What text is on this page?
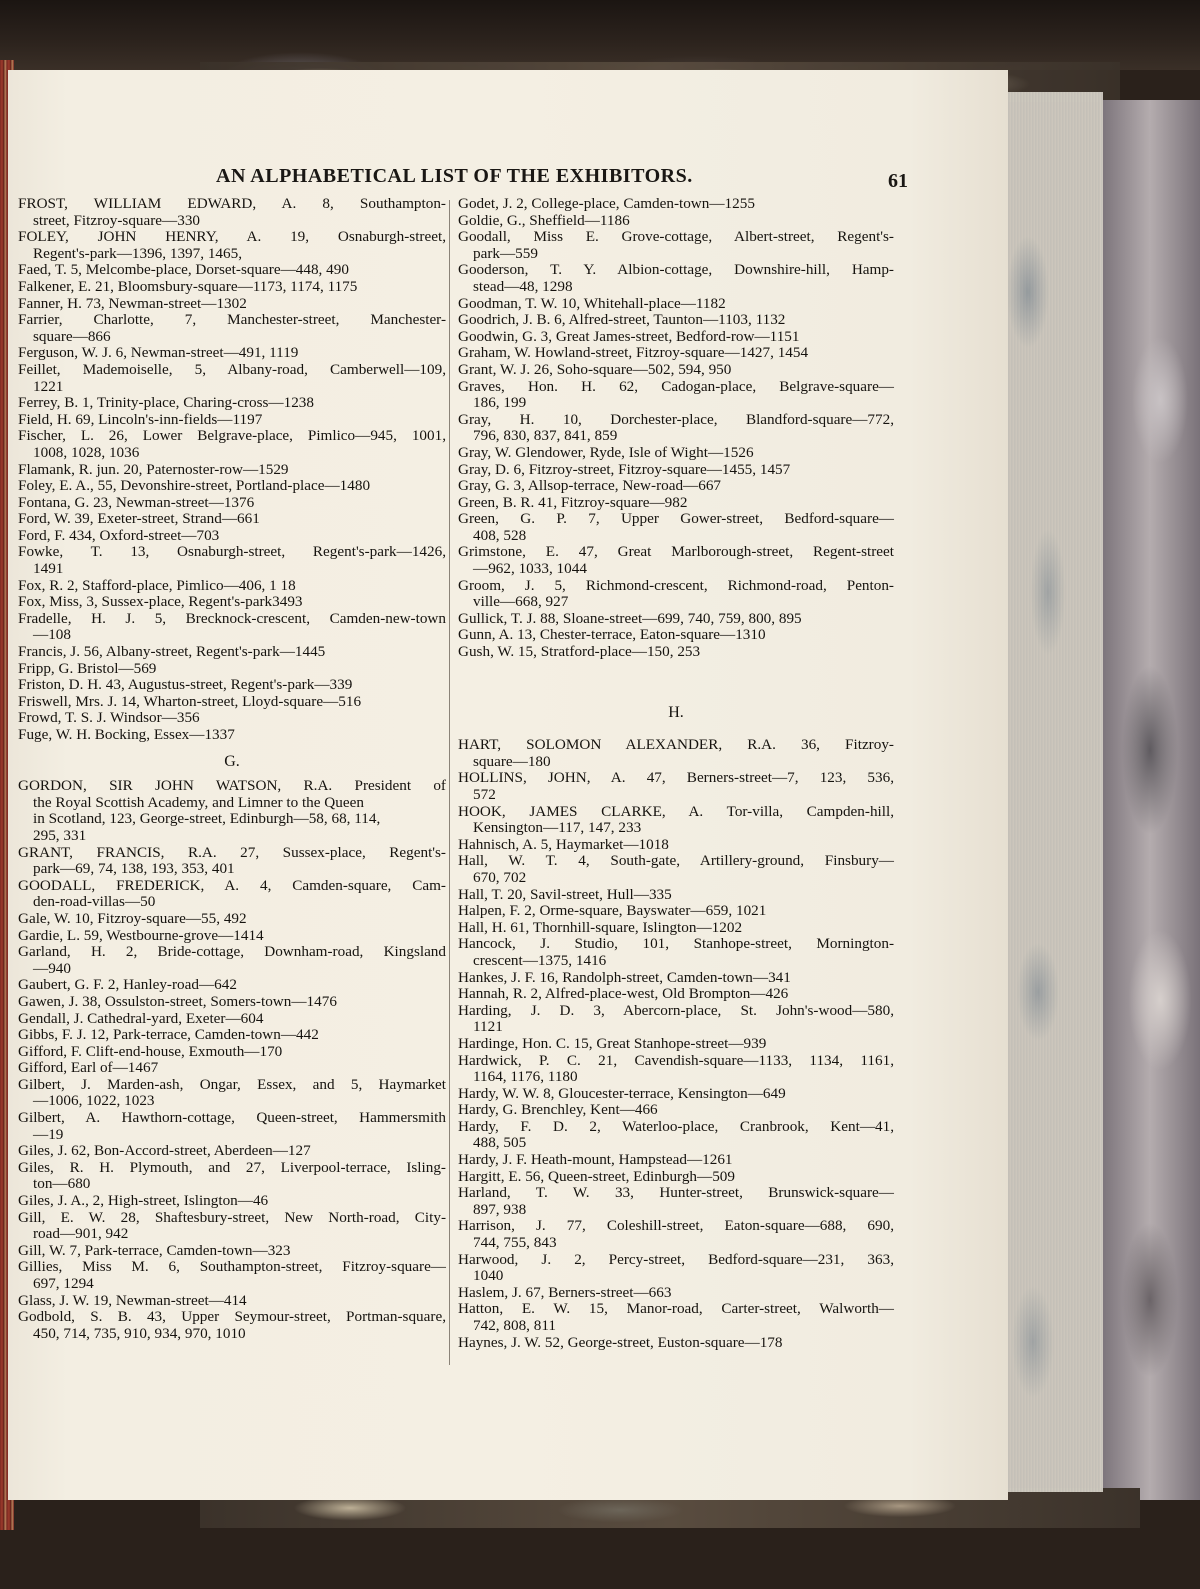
AN ALPHABETICAL LIST OF THE EXHIBITORS.	61
FROST, WILLIAM EDWARD, A. 8, Southampton-
street, Fitzroy-square—330
FOLEY, JOHN HENRY, A. 19, Osnaburgh-street,
Regent's-park—1396, 1397, 1465,
Faed, T. 5, Melcombe-place, Dorset-square—448, 490
Falkener, E. 21, Bloomsbury-square—1173, 1174, 1175
Fanner, H. 73, Newman-street—1302
Farrier, Charlotte, 7, Manchester-street, Manchester-
square—866
Ferguson, W. J. 6, Newman-street—491, 1119
Feillet, Mademoiselle, 5, Albany-road, Camberwell—109,
1221
Ferrey, B. 1, Trinity-place, Charing-cross—1238
Field, H. 69, Lincoln's-inn-fields—1197
Fischer, L. 26, Lower Belgrave-place, Pimlico—945, 1001,
1008, 1028, 1036
Flamank, R. jun. 20, Paternoster-row—1529
Foley, E. A., 55, Devonshire-street, Portland-place—1480
Fontana, G. 23, Newman-street—1376
Ford, W. 39, Exeter-street, Strand—661
Ford, F. 434, Oxford-street—703
Fowke, T. 13, Osnaburgh-street, Regent's-park—1426,
1491
Fox, R. 2, Stafford-place, Pimlico—406, 1 18
Fox, Miss, 3, Sussex-place, Regent's-park3493
Fradelle, H. J. 5, Brecknock-crescent, Camden-new-town
—108
Francis, J. 56, Albany-street, Regent's-park—1445
Fripp, G. Bristol—569
Friston, D. H. 43, Augustus-street, Regent's-park—339
Friswell, Mrs. J. 14, Wharton-street, Lloyd-square—516
Frowd, T. S. J. Windsor—356
Fuge, W. H. Bocking, Essex—1337
G.
GORDON, SIR JOHN WATSON, R.A. President of
the Royal Scottish Academy, and Limner to the Queen
in Scotland, 123, George-street, Edinburgh—58, 68, 114,
295, 331
GRANT, FRANCIS, R.A. 27, Sussex-place, Regent's-
park—69, 74, 138, 193, 353, 401
GOODALL, FREDERICK, A. 4, Camden-square, Cam-
den-road-villas—50
Gale, W. 10, Fitzroy-square—55, 492
Gardie, L. 59, Westbourne-grove—1414
Garland, H. 2, Bride-cottage, Downham-road, Kingsland
—940
Gaubert, G. F. 2, Hanley-road—642
Gawen, J. 38, Ossulston-street, Somers-town—1476
Gendall, J. Cathedral-yard, Exeter—604
Gibbs, F. J. 12, Park-terrace, Camden-town—442
Gifford, F. Clift-end-house, Exmouth—170
Gifford, Earl of—1467
Gilbert, J. Marden-ash, Ongar, Essex, and 5, Haymarket
—1006, 1022, 1023
Gilbert, A. Hawthorn-cottage, Queen-street, Hammersmith
—19
Giles, J. 62, Bon-Accord-street, Aberdeen—127
Giles, R. H. Plymouth, and 27, Liverpool-terrace, Isling-
ton—680
Giles, J. A., 2, High-street, Islington—46
Gill, E. W. 28, Shaftesbury-street, New North-road, City-
road—901, 942
Gill, W. 7, Park-terrace, Camden-town—323
Gillies, Miss M. 6, Southampton-street, Fitzroy-square—
697, 1294
Glass, J. W. 19, Newman-street—414
Godbold, S. B. 43, Upper Seymour-street, Portman-square,
450, 714, 735, 910, 934, 970, 1010
Godet, J. 2, College-place, Camden-town—1255
Goldie, G., Sheffield—1186
Goodall, Miss E. Grove-cottage, Albert-street, Regent's-
park—559
Gooderson, T. Y. Albion-cottage, Downshire-hill, Hamp-
stead—48, 1298
Goodman, T. W. 10, Whitehall-place—1182
Goodrich, J. B. 6, Alfred-street, Taunton—1103, 1132
Goodwin, G. 3, Great James-street, Bedford-row—1151
Graham, W. Howland-street, Fitzroy-square—1427, 1454
Grant, W. J. 26, Soho-square—502, 594, 950
Graves, Hon. H. 62, Cadogan-place, Belgrave-square—
186, 199
Gray, H. 10, Dorchester-place, Blandford-square—772,
796, 830, 837, 841, 859
Gray, W. Glendower, Ryde, Isle of Wight—1526
Gray, D. 6, Fitzroy-street, Fitzroy-square—1455, 1457
Gray, G. 3, Allsop-terrace, New-road—667
Green, B. R. 41, Fitzroy-square—982
Green, G. P. 7, Upper Gower-street, Bedford-square—
408, 528
Grimstone, E. 47, Great Marlborough-street, Regent-street
—962, 1033, 1044
Groom, J. 5, Richmond-crescent, Richmond-road, Penton-
ville—668, 927
Gullick, T. J. 88, Sloane-street—699, 740, 759, 800, 895
Gunn, A. 13, Chester-terrace, Eaton-square—1310
Gush, W. 15, Stratford-place—150, 253
H.
HART, SOLOMON ALEXANDER, R.A. 36, Fitzroy-
square—180
HOLLINS, JOHN, A. 47, Berners-street—7, 123, 536,
572
HOOK, JAMES CLARKE, A. Tor-villa, Campden-hill,
Kensington—117, 147, 233
Hahnisch, A. 5, Haymarket—1018
Hall, W. T. 4, South-gate, Artillery-ground, Finsbury—
670, 702
Hall, T. 20, Savil-street, Hull—335
Halpen, F. 2, Orme-square, Bayswater—659, 1021
Hall, H. 61, Thornhill-square, Islington—1202
Hancock, J. Studio, 101, Stanhope-street, Mornington-
crescent—1375, 1416
Hankes, J. F. 16, Randolph-street, Camden-town—341
Hannah, R. 2, Alfred-place-west, Old Brompton—426
Harding, J. D. 3, Abercorn-place, St. John's-wood—580,
1121
Hardinge, Hon. C. 15, Great Stanhope-street—939
Hardwick, P. C. 21, Cavendish-square—1133, 1134, 1161,
1164, 1176, 1180
Hardy, W. W. 8, Gloucester-terrace, Kensington—649
Hardy, G. Brenchley, Kent—466
Hardy, F. D. 2, Waterloo-place, Cranbrook, Kent—41,
488, 505
Hardy, J. F. Heath-mount, Hampstead—1261
Hargitt, E. 56, Queen-street, Edinburgh—509
Harland, T. W. 33, Hunter-street, Brunswick-square—
897, 938
Harrison, J. 77, Coleshill-street, Eaton-square—688, 690,
744, 755, 843
Harwood, J. 2, Percy-street, Bedford-square—231, 363,
1040
Haslem, J. 67, Berners-street—663
Hatton, E. W. 15, Manor-road, Carter-street, Walworth—
742, 808, 811
Haynes, J. W. 52, George-street, Euston-square—178
